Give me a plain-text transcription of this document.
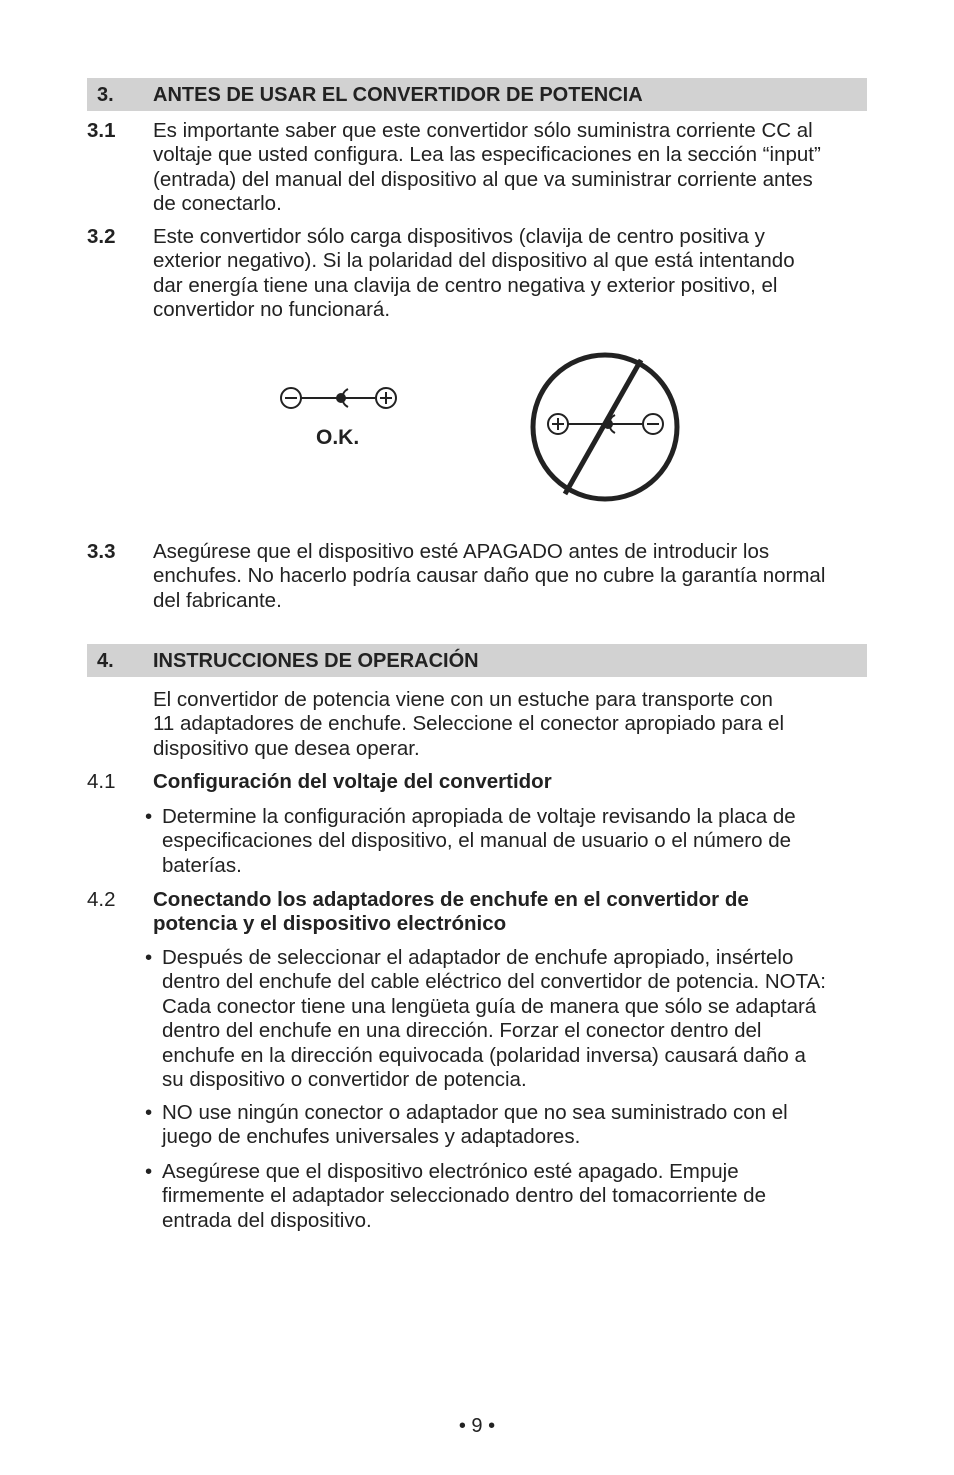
3. ANTES DE USAR EL CONVERTIDOR DE POTENCIA
3.1 Es importante saber que este convertidor sólo suministra corriente CC al
voltaje que usted configura. Lea las especificaciones en la sección “input”
(entrada) del manual del dispositivo al que va suministrar corriente antes
de conectarlo.
3.2 Este convertidor sólo carga dispositivos (clavija de centro positiva y
exterior negativo). Si la polaridad del dispositivo al que está intentando
dar energía tiene una clavija de centro negativa y exterior positivo, el
convertidor no funcionará.
O.K.
3.3 Asegúrese que el dispositivo esté APAGADO antes de introducir los
enchufes. No hacerlo podría causar daño que no cubre la garantía normal
del fabricante.
4. INSTRUCCIONES DE OPERACIÓN
El convertidor de potencia viene con un estuche para transporte con
11 adaptadores de enchufe. Seleccione el conector apropiado para el
dispositivo que desea operar.
4.1 Configuración del voltaje del convertidor
• Determine la configuración apropiada de voltaje revisando la placa de
especificaciones del dispositivo, el manual de usuario o el número de
baterías.
4.2 Conectando los adaptadores de enchufe en el convertidor de
potencia y el dispositivo electrónico
• Después de seleccionar el adaptador de enchufe apropiado, insértelo
dentro del enchufe del cable eléctrico del convertidor de potencia. NOTA:
Cada conector tiene una lengüeta guía de manera que sólo se adaptará
dentro del enchufe en una dirección. Forzar el conector dentro del
enchufe en la dirección equivocada (polaridad inversa) causará daño a
su dispositivo o convertidor de potencia.
• NO use ningún conector o adaptador que no sea suministrado con el
juego de enchufes universales y adaptadores.
• Asegúrese que el dispositivo electrónico esté apagado. Empuje
firmemente el adaptador seleccionado dentro del tomacorriente de
entrada del dispositivo.
• 9 •
